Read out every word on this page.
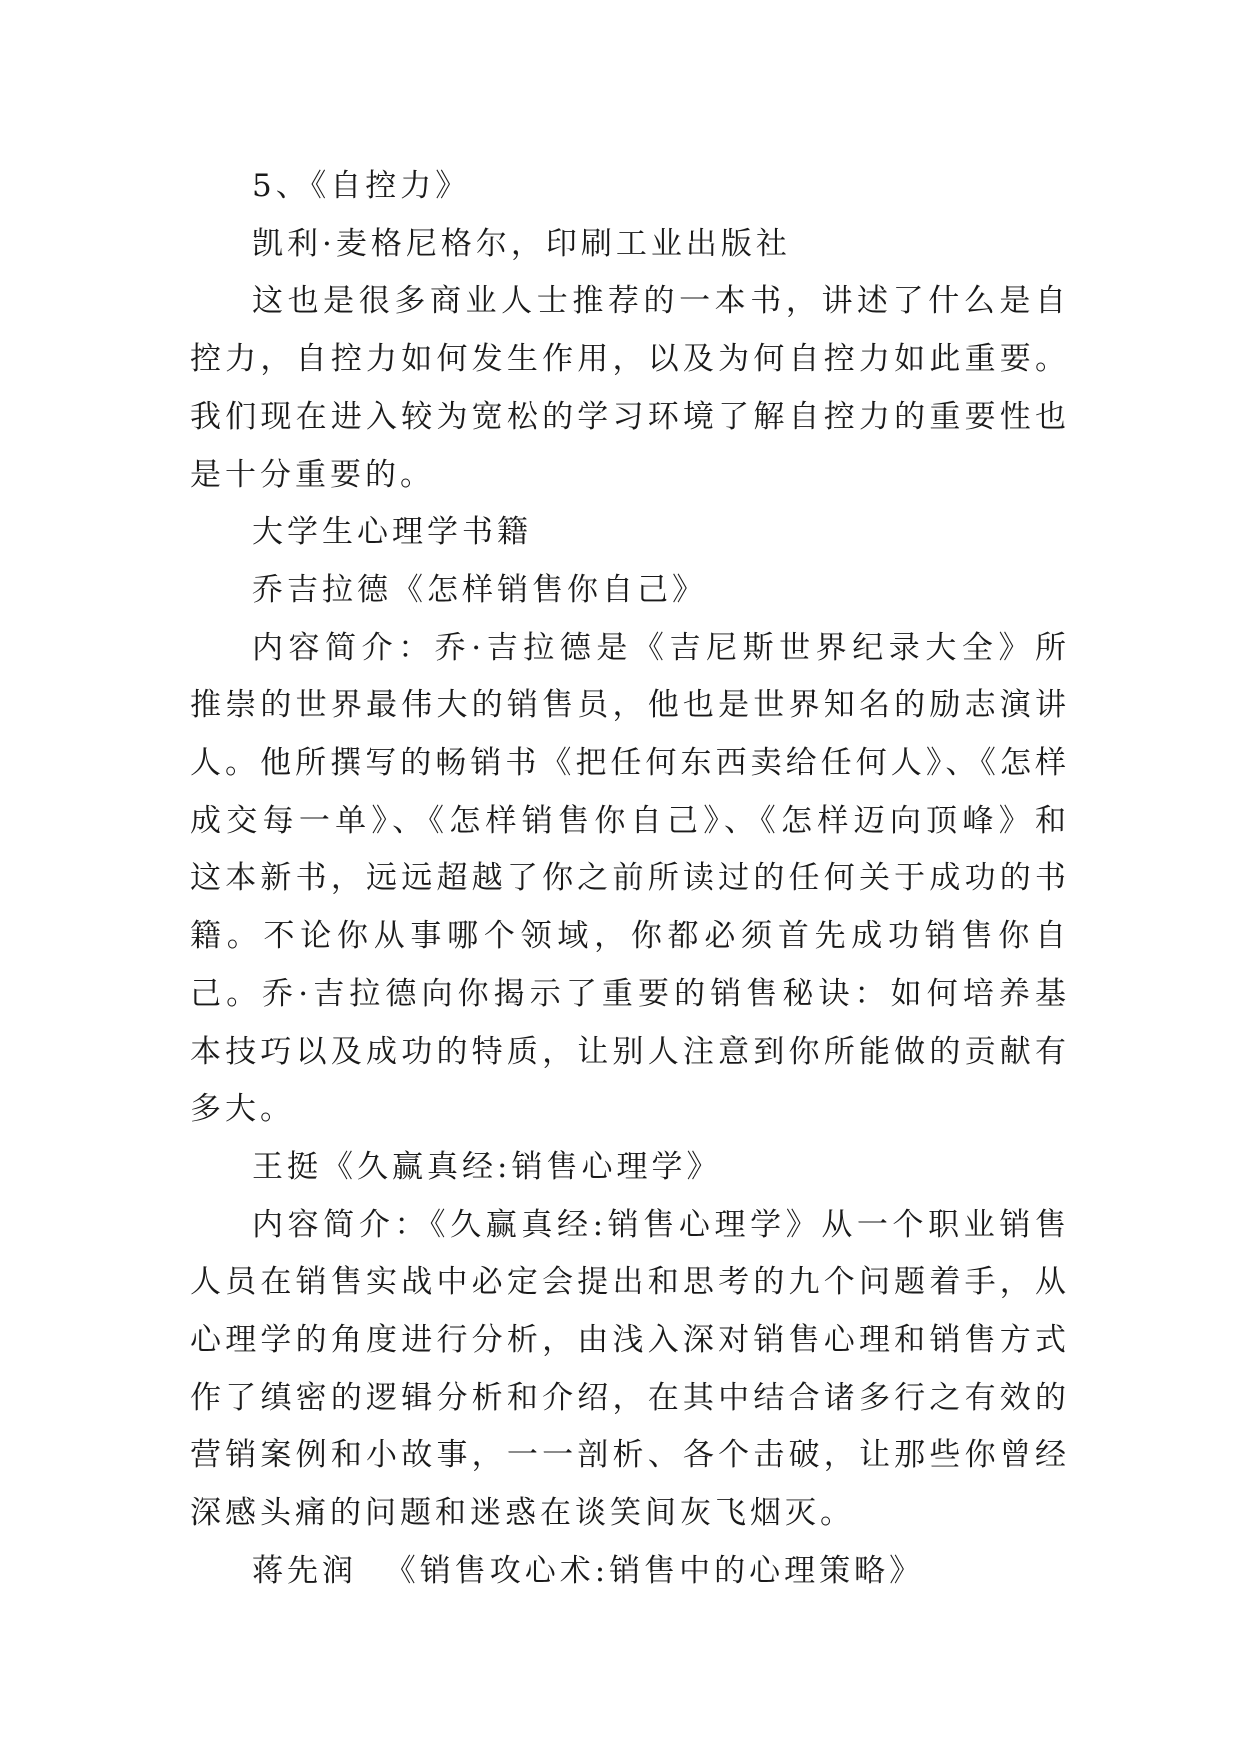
5、《自控力》

凯利·麦格尼格尔，印刷工业出版社

这也是很多商业人士推荐的一本书，讲述了什么是自控力，自控力如何发生作用，以及为何自控力如此重要。我们现在进入较为宽松的学习环境了解自控力的重要性也是十分重要的。

大学生心理学书籍

乔吉拉德《怎样销售你自己》

内容简介：乔·吉拉德是《吉尼斯世界纪录大全》所推崇的世界最伟大的销售员，他也是世界知名的励志演讲人。他所撰写的畅销书《把任何东西卖给任何人》、《怎样成交每一单》、《怎样销售你自己》、《怎样迈向顶峰》和这本新书，远远超越了你之前所读过的任何关于成功的书籍。不论你从事哪个领域，你都必须首先成功销售你自己。乔·吉拉德向你揭示了重要的销售秘诀：如何培养基本技巧以及成功的特质，让别人注意到你所能做的贡献有多大。

王挺《久赢真经:销售心理学》

内容简介：《久赢真经:销售心理学》从一个职业销售人员在销售实战中必定会提出和思考的九个问题着手，从心理学的角度进行分析，由浅入深对销售心理和销售方式作了缜密的逻辑分析和介绍，在其中结合诸多行之有效的营销案例和小故事，一一剖析、各个击破，让那些你曾经深感头痛的问题和迷惑在谈笑间灰飞烟灭。

蒋先润  《销售攻心术:销售中的心理策略》
